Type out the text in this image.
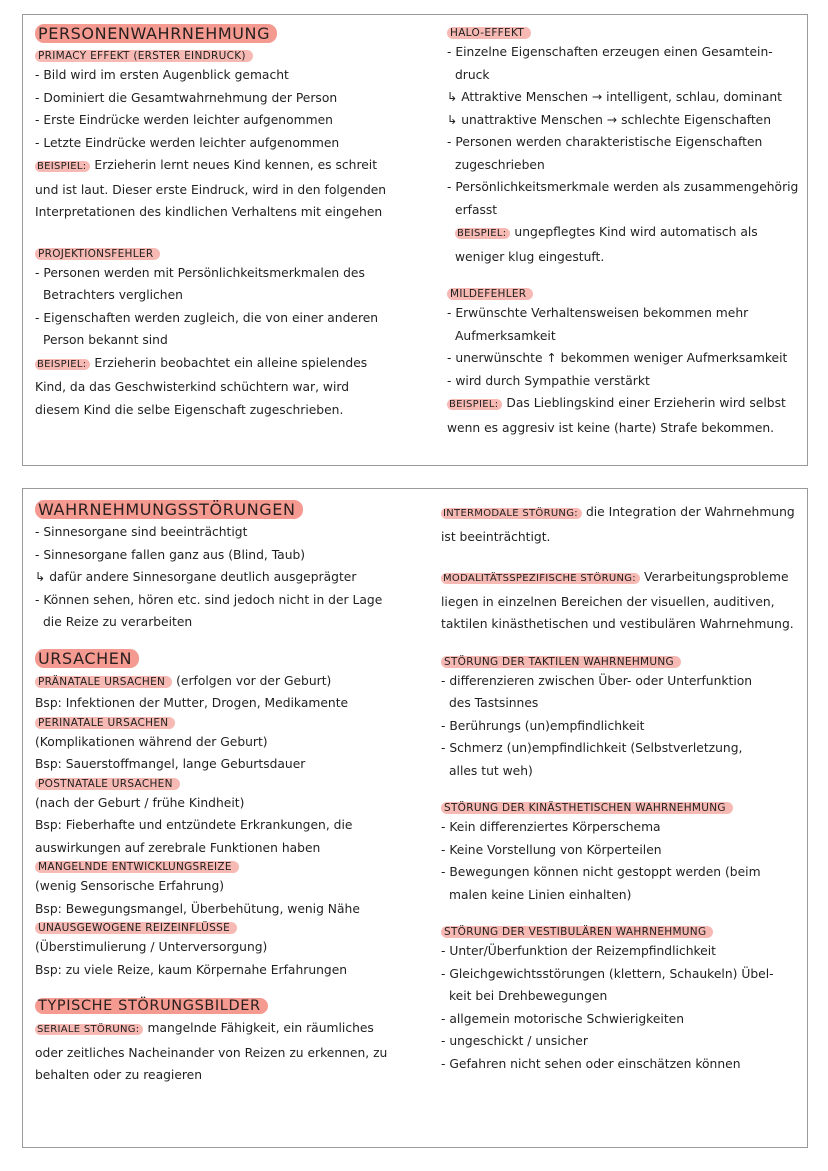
PERSONENWAHRNEHMUNG
PRIMACY EFFEKT (ERSTER EINDRUCK)
- Bild wird im ersten Augenblick gemacht
- Dominiert die Gesamtwahrnehmung der Person
- Erste Eindrücke werden leichter aufgenommen
- Letzte Eindrücke werden leichter aufgenommen
BEISPIEL: Erzieherin lernt neues Kind kennen, es schreit und ist laut. Dieser erste Eindruck, wird in den folgenden Interpretationen des kindlichen Verhaltens mit eingehen
PROJEKTIONSFEHLER
- Personen werden mit Persönlichkeitsmerkmalen des
Betrachters verglichen
- Eigenschaften werden zugleich, die von einer anderen
Person bekannt sind
BEISPIEL: Erzieherin beobachtet ein alleine spielendes Kind, da das Geschwisterkind schüchtern war, wird diesem Kind die selbe Eigenschaft zugeschrieben.
HALO-EFFEKT
- Einzelne Eigenschaften erzeugen einen Gesamtein-
druck
↳ Attraktive Menschen → intelligent, schlau, dominant
↳ unattraktive Menschen → schlechte Eigenschaften
- Personen werden charakteristische Eigenschaften
zugeschrieben
- Persönlichkeitsmerkmale werden als zusammengehörig
erfasst
BEISPIEL: ungepflegtes Kind wird automatisch als weniger klug eingestuft.
MILDEFEHLER
- Erwünschte Verhaltensweisen bekommen mehr
Aufmerksamkeit
- unerwünschte ↑ bekommen weniger Aufmerksamkeit
- wird durch Sympathie verstärkt
BEISPIEL: Das Lieblingskind einer Erzieherin wird selbst wenn es aggresiv ist keine (harte) Strafe bekommen.
WAHRNEHMUNGSSTÖRUNGEN
- Sinnesorgane sind beeinträchtigt
- Sinnesorgane fallen ganz aus (Blind, Taub)
↳ dafür andere Sinnesorgane deutlich ausgeprägter
- Können sehen, hören etc. sind jedoch nicht in der Lage
die Reize zu verarbeiten
URSACHEN
PRÄNATALE URSACHEN (erfolgen vor der Geburt)
Bsp: Infektionen der Mutter, Drogen, Medikamente
PERINATALE URSACHEN
(Komplikationen während der Geburt)
Bsp: Sauerstoffmangel, lange Geburtsdauer
POSTNATALE URSACHEN
(nach der Geburt / frühe Kindheit)
Bsp: Fieberhafte und entzündete Erkrankungen, die
auswirkungen auf zerebrale Funktionen haben
MANGELNDE ENTWICKLUNGSREIZE
(wenig Sensorische Erfahrung)
Bsp: Bewegungsmangel, Überbehütung, wenig Nähe
UNAUSGEWOGENE REIZEINFLÜSSE
(Überstimulierung / Unterversorgung)
Bsp: zu viele Reize, kaum Körpernahe Erfahrungen
TYPISCHE STÖRUNGSBILDER
SERIALE STÖRUNG: mangelnde Fähigkeit, ein räumliches oder zeitliches Nacheinander von Reizen zu erkennen, zu behalten oder zu reagieren
INTERMODALE STÖRUNG: die Integration der Wahrnehmung ist beeinträchtigt.
MODALITÄTSSPEZIFISCHE STÖRUNG: Verarbeitungsprobleme liegen in einzelnen Bereichen der visuellen, auditiven, taktilen kinästhetischen und vestibulären Wahrnehmung.
STÖRUNG DER TAKTILEN WAHRNEHMUNG
- differenzieren zwischen Über- oder Unterfunktion
des Tastsinnes
- Berührungs (un)empfindlichkeit
- Schmerz (un)empfindlichkeit (Selbstverletzung,
alles tut weh)
STÖRUNG DER KINÄSTHETISCHEN WAHRNEHMUNG
- Kein differenziertes Körperschema
- Keine Vorstellung von Körperteilen
- Bewegungen können nicht gestoppt werden (beim
malen keine Linien einhalten)
STÖRUNG DER VESTIBULÄREN WAHRNEHMUNG
- Unter/Überfunktion der Reizempfindlichkeit
- Gleichgewichtsstörungen (klettern, Schaukeln) Übel-
keit bei Drehbewegungen
- allgemein motorische Schwierigkeiten
- ungeschickt / unsicher
- Gefahren nicht sehen oder einschätzen können
